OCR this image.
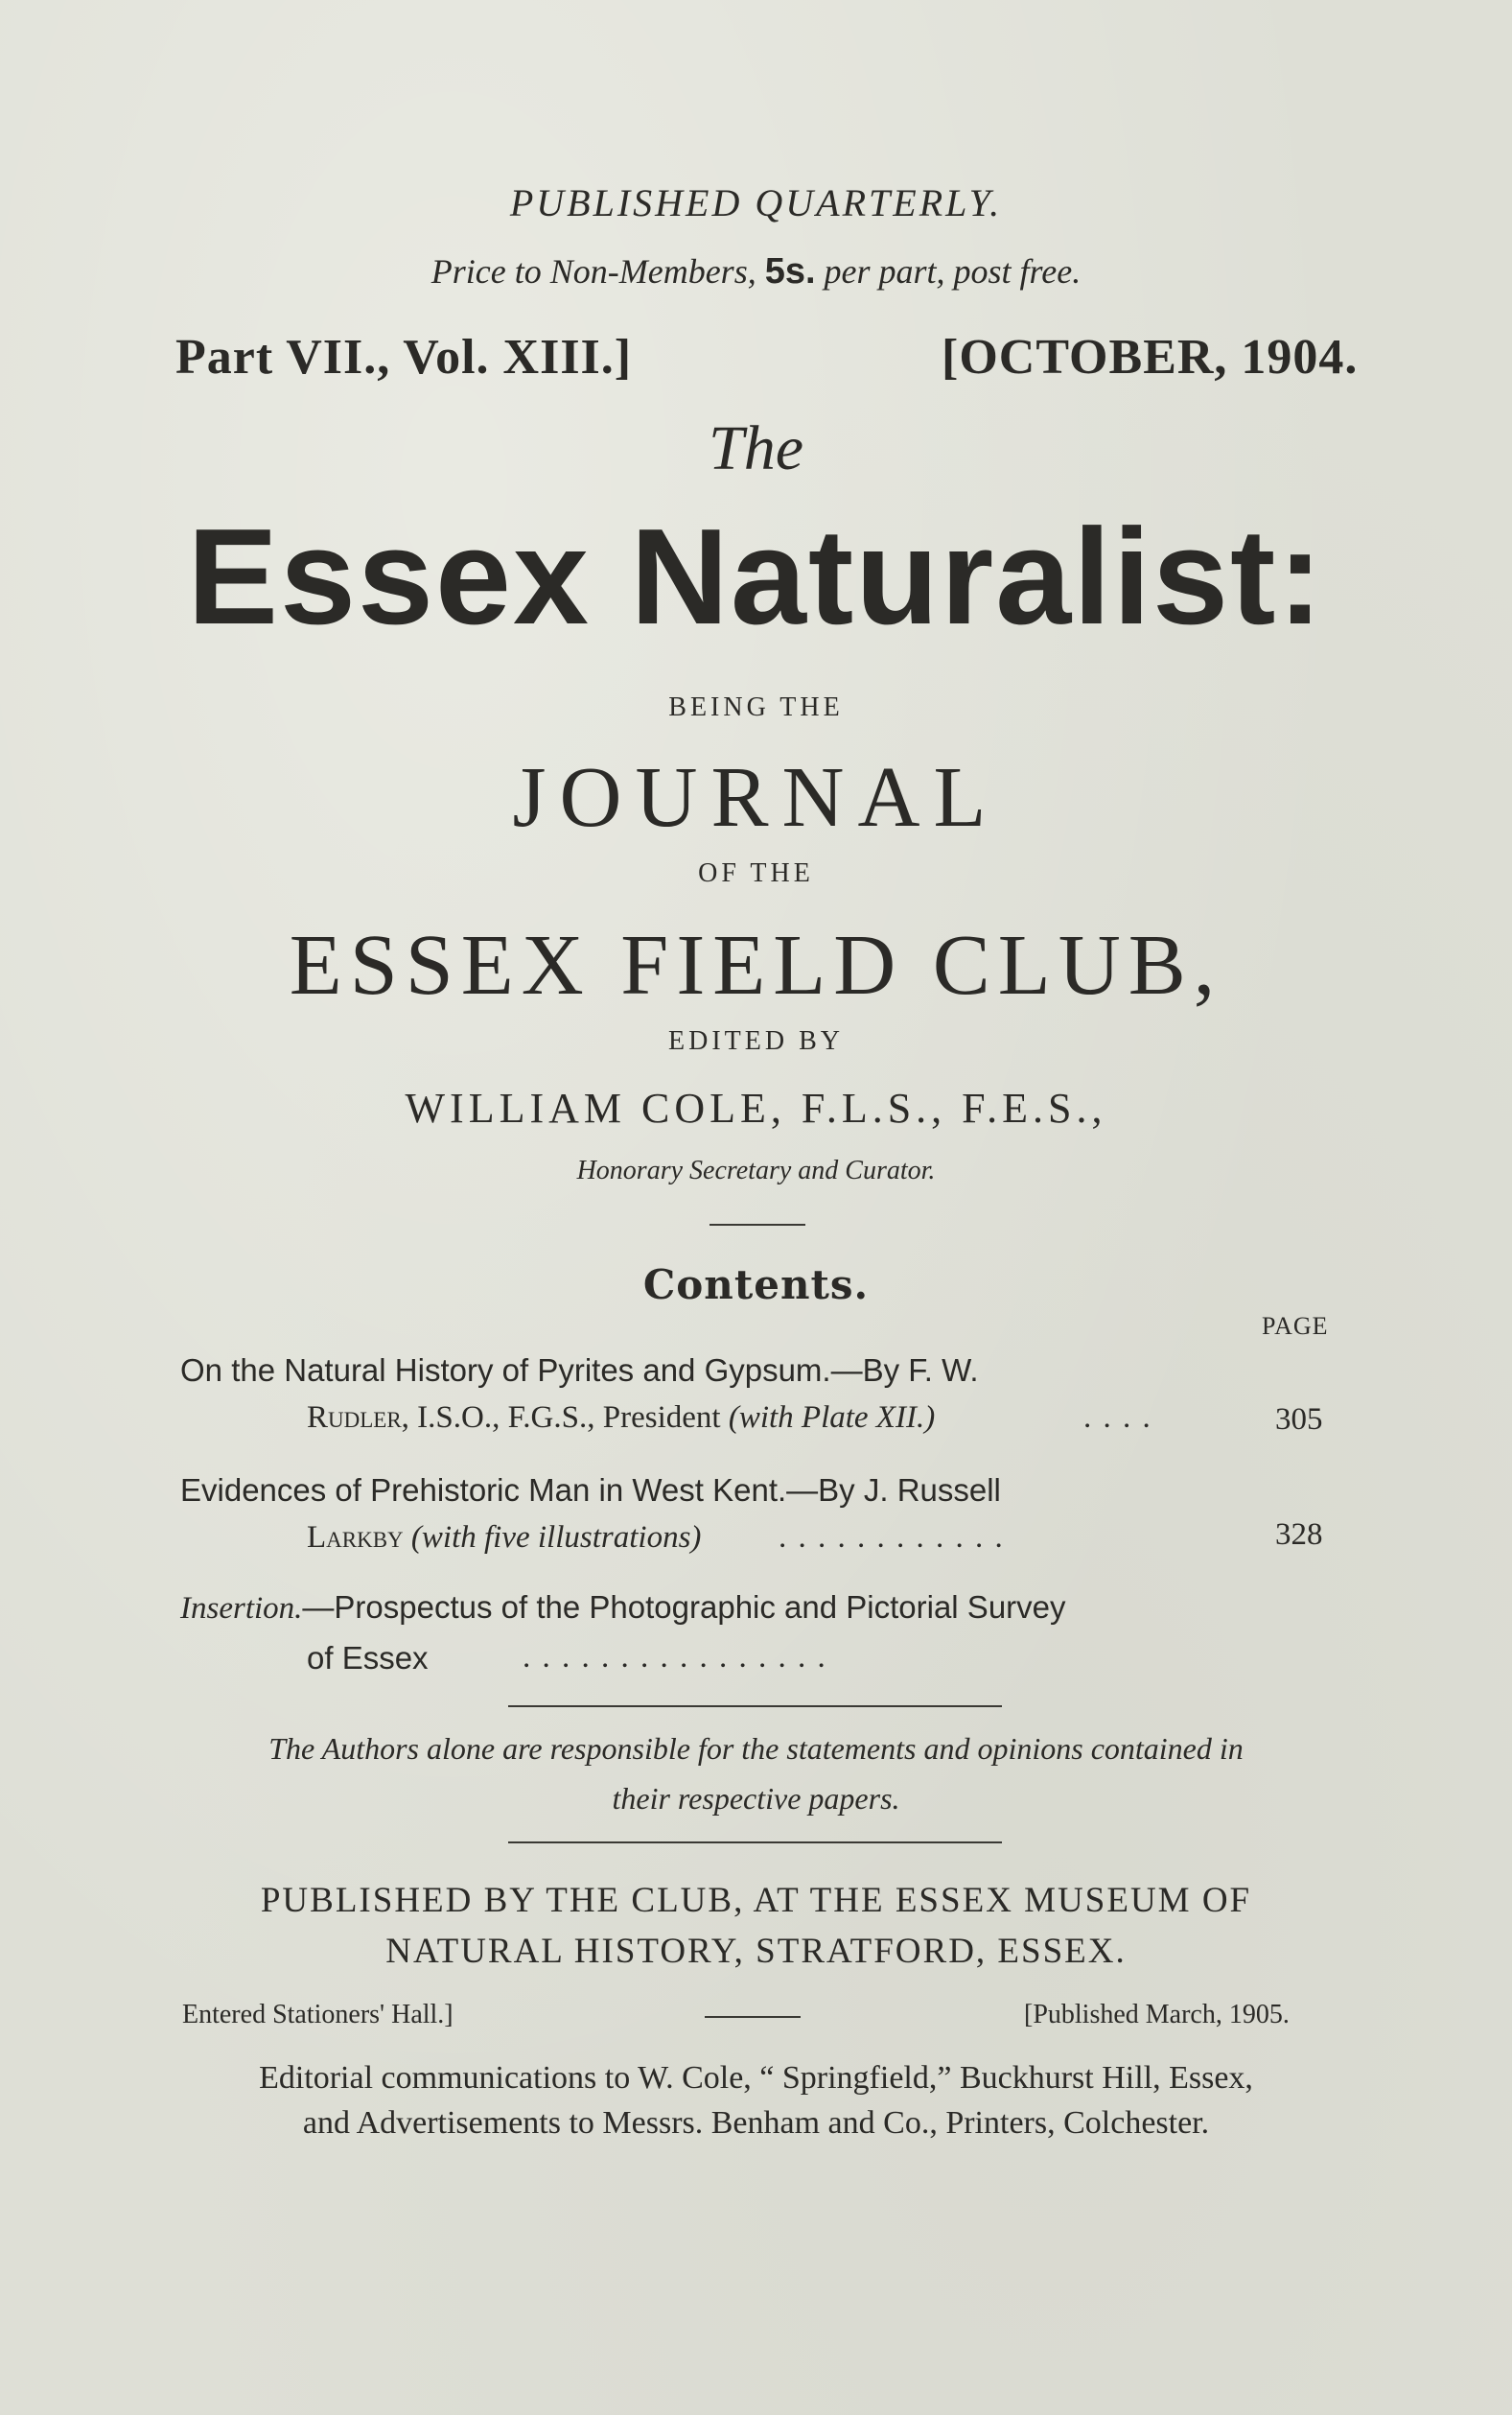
PUBLISHED QUARTERLY.
Price to Non-Members, 5s. per part, post free.
Part VII., Vol. XIII.]	[OCTOBER, 1904.
The
Essex Naturalist:
BEING THE
JOURNAL
OF THE
ESSEX FIELD CLUB,
EDITED BY
WILLIAM COLE, F.L.S., F.E.S.,
Honorary Secretary and Curator.
Contents.
PAGE
On the Natural History of Pyrites and Gypsum.—By F. W.
Rudler, I.S.O., F.G.S., President (with Plate XII.)	. . . .	305
Evidences of Prehistoric Man in West Kent.—By J. Russell
Larkby (with five illustrations) . . . . . . . . . . . .	328
Insertion.—Prospectus of the Photographic and Pictorial Survey
of Essex	. . . . . . . . . . . . . . . .
The Authors alone are responsible for the statements and opinions contained in
their respective papers.
PUBLISHED BY THE CLUB, AT THE ESSEX MUSEUM OF
NATURAL HISTORY, STRATFORD, ESSEX.
Entered Stationers' Hall.]	[Published March, 1905.
Editorial communications to W. Cole, “ Springfield,” Buckhurst Hill, Essex,
and Advertisements to Messrs. Benham and Co., Printers, Colchester.
